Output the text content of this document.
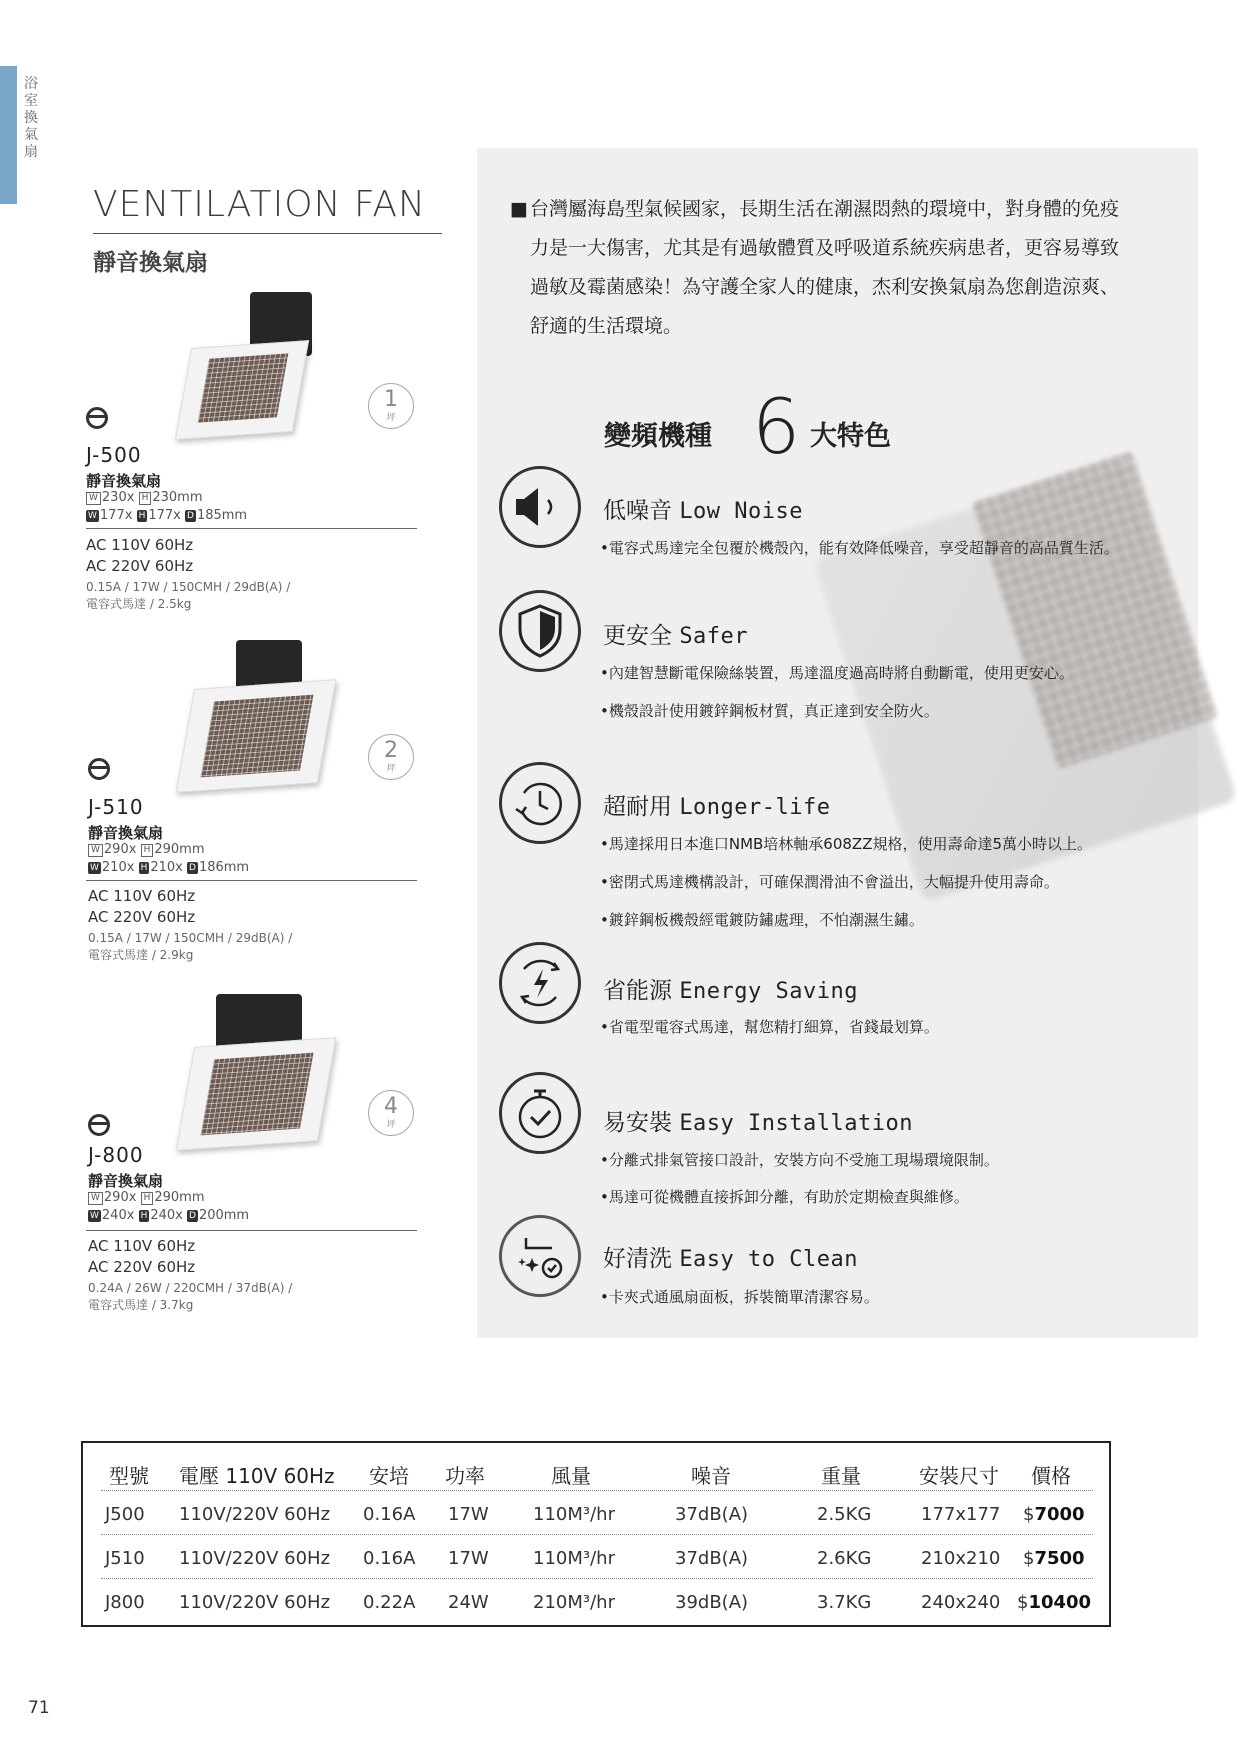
浴室換氣扇
VENTILATION FAN
靜音換氣扇
1
坪
J-500
靜音換氣扇
W 230x H 230mm
W 177x H 177x D 185mm
AC 110V 60Hz
AC 220V 60Hz
0.15A / 17W / 150CMH / 29dB(A) /
電容式馬達 / 2.5kg
2
坪
J-510
靜音換氣扇
W 290x H 290mm
W 210x H 210x D 186mm
AC 110V 60Hz
AC 220V 60Hz
0.15A / 17W / 150CMH / 29dB(A) /
電容式馬達 / 2.9kg
4
坪
J-800
靜音換氣扇
W 290x H 290mm
W 240x H 240x D 200mm
AC 110V 60Hz
AC 220V 60Hz
0.24A / 26W / 220CMH / 37dB(A) /
電容式馬達 / 3.7kg
■ 台灣屬海島型氣候國家，長期生活在潮濕悶熱的環境中，對身體的免疫
力是一大傷害，尤其是有過敏體質及呼吸道系統疾病患者，更容易導致
過敏及霉菌感染！為守護全家人的健康，杰利安換氣扇為您創造涼爽、
舒適的生活環境。
變頻機種 6 大特色
低噪音 Low Noise
•電容式馬達完全包覆於機殼內，能有效降低噪音，享受超靜音的高品質生活。
更安全 Safer
•內建智慧斷電保險絲裝置，馬達溫度過高時將自動斷電，使用更安心。
•機殼設計使用鍍鋅鋼板材質，真正達到安全防火。
超耐用 Longer-life
•馬達採用日本進口NMB培林軸承608ZZ規格，使用壽命達5萬小時以上。
•密閉式馬達機構設計，可確保潤滑油不會溢出，大幅提升使用壽命。
•鍍鋅鋼板機殼經電鍍防鏽處理，不怕潮濕生鏽。
省能源 Energy Saving
•省電型電容式馬達，幫您精打細算，省錢最划算。
易安裝 Easy Installation
•分離式排氣管接口設計，安裝方向不受施工現場環境限制。
•馬達可從機體直接拆卸分離，有助於定期檢查與維修。
好清洗 Easy to Clean
•卡夾式通風扇面板，拆裝簡單清潔容易。
型號 電壓 110V 60Hz 安培 功率	風量	噪音	重量	安裝尺寸 價格
J500 110V/220V 60Hz 0.16A 17W 110M³/hr	37dB(A)	2.5KG	177x177 $7000
J510 110V/220V 60Hz 0.16A 17W 110M³/hr	37dB(A)	2.6KG	210x210 $7500
J800 110V/220V 60Hz 0.22A 24W 210M³/hr	39dB(A)	3.7KG	240x240 $10400
71
